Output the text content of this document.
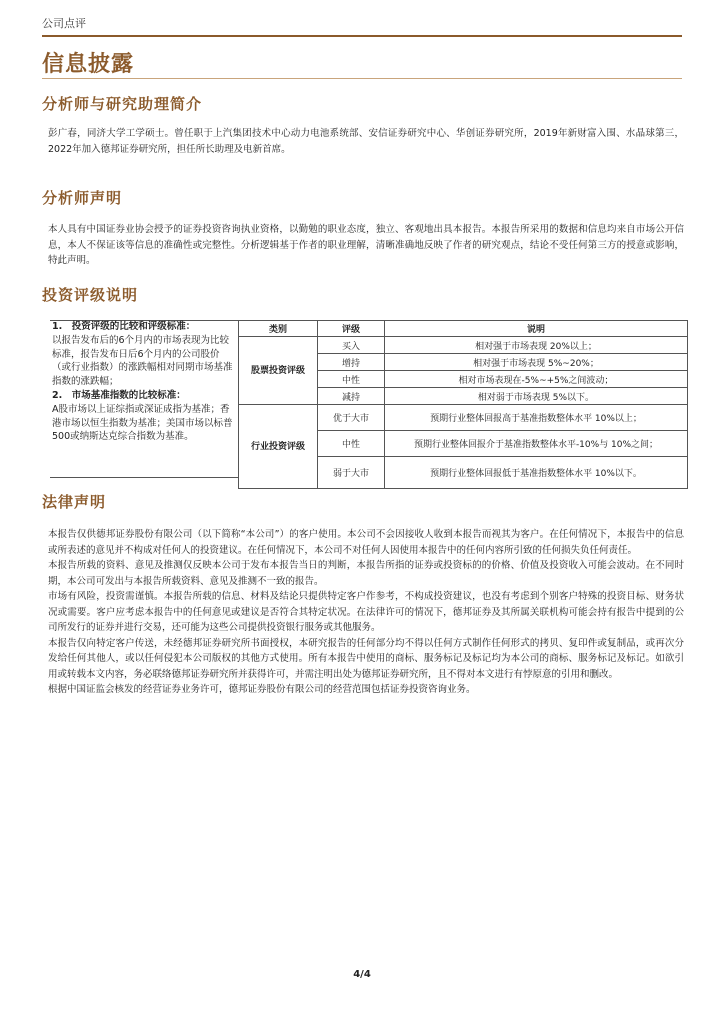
公司点评
信息披露
分析师与研究助理简介

彭广春，同济大学工学硕士。曾任职于上汽集团技术中心动力电池系统部、安信证券研究中心、华创证券研究所，2019年新财富入围、水晶球第三，2022年加入德邦证券研究所，担任所长助理及电新首席。

分析师声明

本人具有中国证券业协会授予的证券投资咨询执业资格，以勤勉的职业态度，独立、客观地出具本报告。本报告所采用的数据和信息均来自市场公开信息，本人不保证该等信息的准确性或完整性。分析逻辑基于作者的职业理解，清晰准确地反映了作者的研究观点，结论不受任何第三方的授意或影响，特此声明。

投资评级说明

1.　投资评级的比较和评级标准：

以报告发布后的6个月内的市场表现为比较标准，报告发布日后6个月内的公司股价（或行业指数）的涨跌幅相对同期市场基准指数的涨跌幅；

2.　市场基准指数的比较标准：

A股市场以上证综指或深证成指为基准；香港市场以恒生指数为基准；美国市场以标普500或纳斯达克综合指数为基准。

类别	评级	说明
股票投资评级	买入	相对强于市场表现 20%以上；
	增持	相对强于市场表现 5%~20%；
	中性	相对市场表现在-5%~+5%之间波动；
	减持	相对弱于市场表现 5%以下。
行业投资评级	优于大市	预期行业整体回报高于基准指数整体水平 10%以上；
	中性	预期行业整体回报介于基准指数整体水平-10%与 10%之间；
	弱于大市	预期行业整体回报低于基准指数整体水平 10%以下。
法律声明

本报告仅供德邦证券股份有限公司（以下简称“本公司”）的客户使用。本公司不会因接收人收到本报告而视其为客户。在任何情况下，本报告中的信息或所表述的意见并不构成对任何人的投资建议。在任何情况下，本公司不对任何人因使用本报告中的任何内容所引致的任何损失负任何责任。

本报告所载的资料、意见及推测仅反映本公司于发布本报告当日的判断，本报告所指的证券或投资标的的价格、价值及投资收入可能会波动。在不同时期，本公司可发出与本报告所载资料、意见及推测不一致的报告。

市场有风险，投资需谨慎。本报告所载的信息、材料及结论只提供特定客户作参考，不构成投资建议，也没有考虑到个别客户特殊的投资目标、财务状况或需要。客户应考虑本报告中的任何意见或建议是否符合其特定状况。在法律许可的情况下，德邦证券及其所属关联机构可能会持有报告中提到的公司所发行的证券并进行交易，还可能为这些公司提供投资银行服务或其他服务。

本报告仅向特定客户传送，未经德邦证券研究所书面授权，本研究报告的任何部分均不得以任何方式制作任何形式的拷贝、复印件或复制品，或再次分发给任何其他人，或以任何侵犯本公司版权的其他方式使用。所有本报告中使用的商标、服务标记及标记均为本公司的商标、服务标记及标记。如欲引用或转载本文内容，务必联络德邦证券研究所并获得许可，并需注明出处为德邦证券研究所，且不得对本文进行有悖原意的引用和删改。

根据中国证监会核发的经营证券业务许可，德邦证券股份有限公司的经营范围包括证券投资咨询业务。

4/4
